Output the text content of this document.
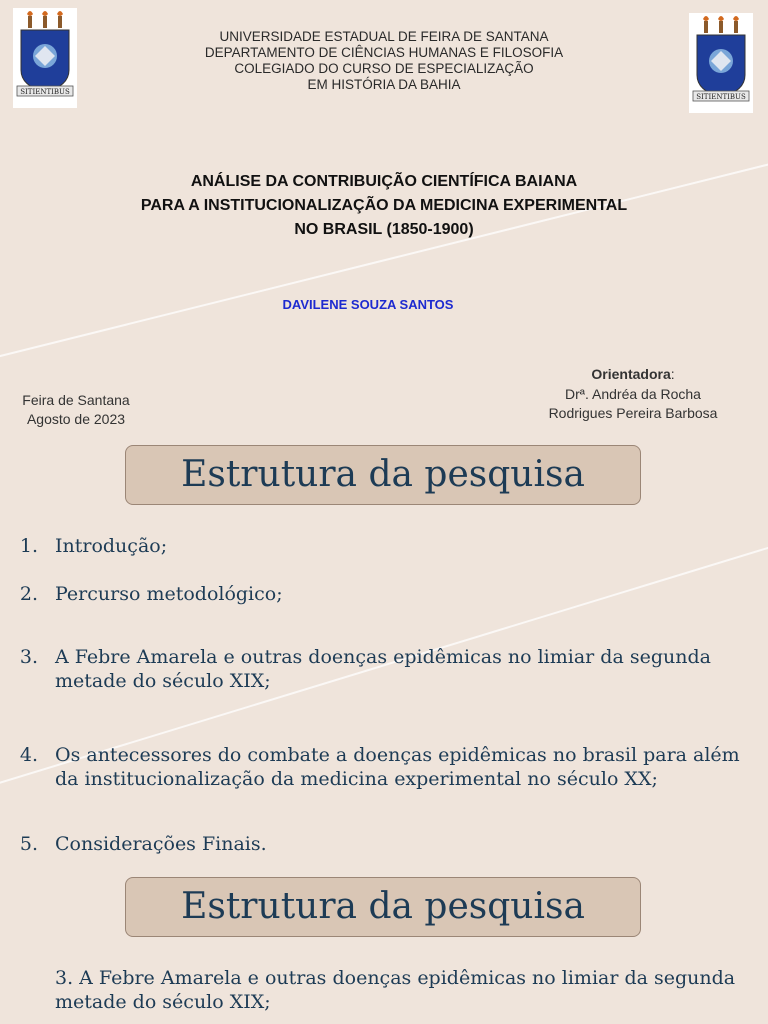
SITIENTIBUS
SITIENTIBUS
UNIVERSIDADE ESTADUAL DE FEIRA DE SANTANA
DEPARTAMENTO DE CIÊNCIAS HUMANAS E FILOSOFIA
COLEGIADO DO CURSO DE ESPECIALIZAÇÃO
EM HISTÓRIA DA BAHIA
ANÁLISE DA CONTRIBUIÇÃO CIENTÍFICA BAIANA
PARA A INSTITUCIONALIZAÇÃO DA MEDICINA EXPERIMENTAL
NO BRASIL (1850-1900)
DAVILENE SOUZA SANTOS
Feira de Santana
Agosto de 2023
Orientadora:
Drª. Andréa da Rocha
Rodrigues Pereira Barbosa
Estrutura da pesquisa
1. Introdução;
2. Percurso metodológico;
3. A Febre Amarela e outras doenças epidêmicas no limiar da segunda metade do século XIX;
4. Os antecessores do combate a doenças epidêmicas no brasil para além da institucionalização da medicina experimental no século XX;
5. Considerações Finais.
Estrutura da pesquisa
3. A Febre Amarela e outras doenças epidêmicas no limiar da segunda metade do século XIX;
